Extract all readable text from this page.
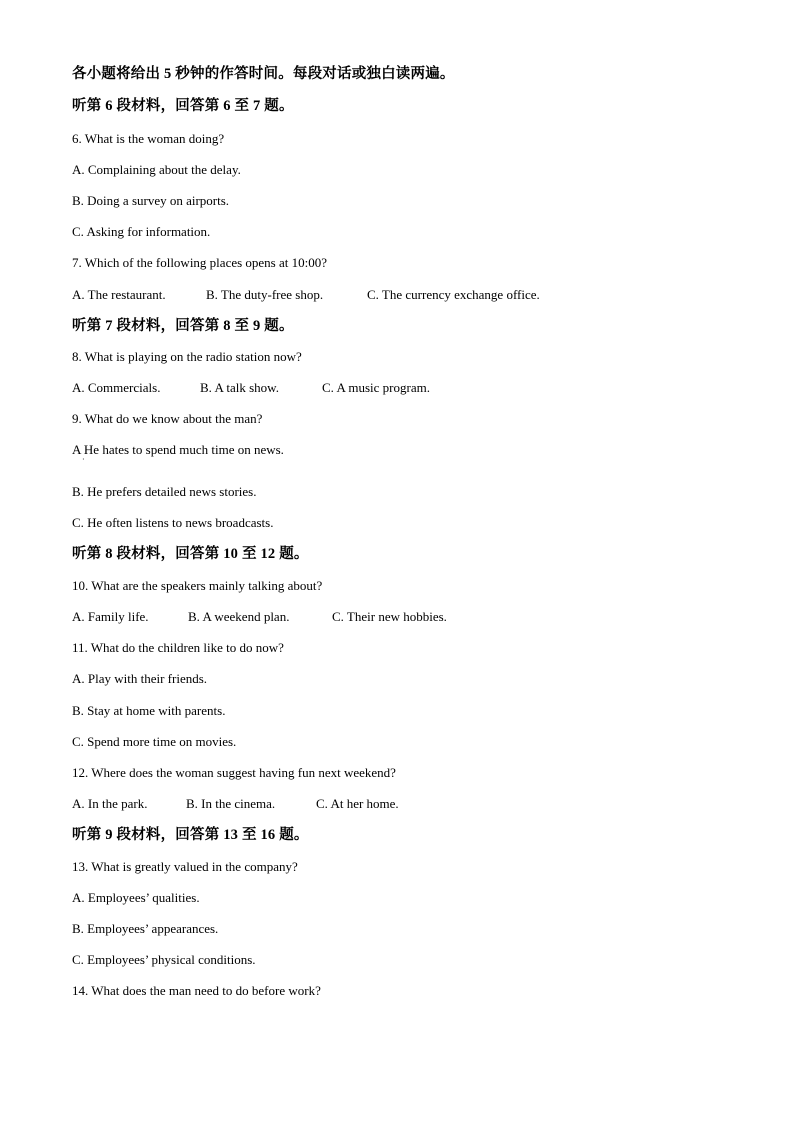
各小题将给出 5 秒钟的作答时间。每段对话或独白读两遍。
听第 6 段材料，回答第 6 至 7 题。
6. What is the woman doing?
A. Complaining about the delay.
B. Doing a survey on airports.
C. Asking for information.
7. Which of the following places opens at 10:00?
A. The restaurant.	B. The duty-free shop.	C. The currency exchange office.
听第 7 段材料，回答第 8 至 9 题。
8. What is playing on the radio station now?
A. Commercials.	B. A talk show.	C. A music program.
9. What do we know about the man?
A He hates to spend much time on news.
·
B. He prefers detailed news stories.
C. He often listens to news broadcasts.
听第 8 段材料，回答第 10 至 12 题。
10. What are the speakers mainly talking about?
A. Family life.	B. A weekend plan.	C. Their new hobbies.
11. What do the children like to do now?
A. Play with their friends.
B. Stay at home with parents.
C. Spend more time on movies.
12. Where does the woman suggest having fun next weekend?
A. In the park.	B. In the cinema.	C. At her home.
听第 9 段材料，回答第 13 至 16 题。
13. What is greatly valued in the company?
A. Employees’ qualities.
B. Employees’ appearances.
C. Employees’ physical conditions.
14. What does the man need to do before work?
